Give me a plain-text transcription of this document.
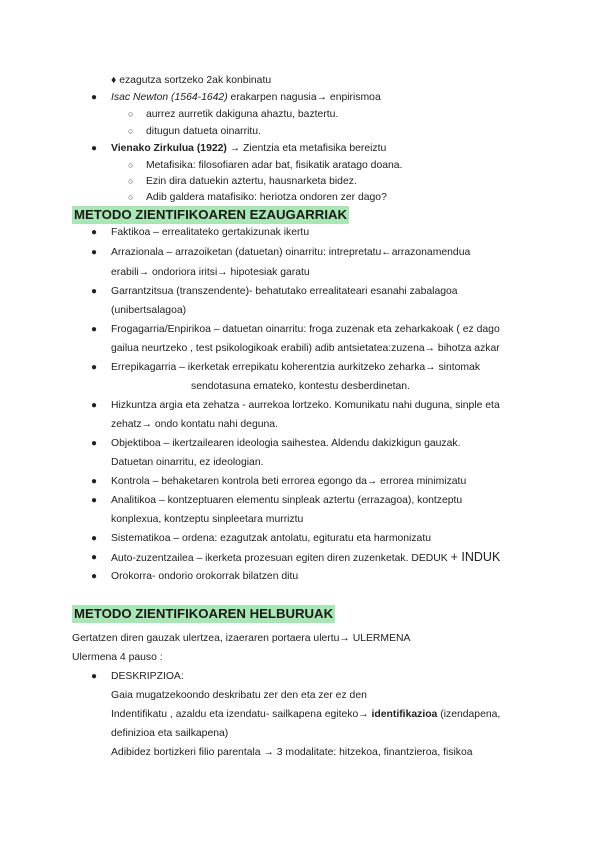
♦ ezagutza sortzeko 2ak konbinatu
● Isac Newton (1564-1642) erakarpen nagusia→ enpirismoa
○ aurrez aurretik dakiguna ahaztu, baztertu.
○ ditugun datueta oinarritu.
● Vienako Zirkulua (1922) → Zientzia eta metafisika bereiztu
○ Metafisika: filosofiaren adar bat, fisikatik aratago doana.
○ Ezin dira datuekin aztertu, hausnarketa bidez.
○ Adib galdera matafisiko: heriotza ondoren zer dago?
METODO ZIENTIFIKOAREN EZAUGARRIAK
● Faktikoa – errealitateko gertakizunak ikertu
● Arrazionala – arrazoiketan (datuetan) oinarritu: intrepretatu←arrazonamendua
erabili→ ondoriora iritsi→ hipotesiak garatu
● Garrantzitsua (transzendente)- behatutako errealitateari esanahi zabalagoa
(unibertsalagoa)
● Frogagarria/Enpirikoa – datuetan oinarritu: froga zuzenak eta zeharkakoak ( ez dago
gailua neurtzeko , test psikologikoak erabili) adib antsietatea:zuzena→ bihotza azkar
● Errepikagarria – ikerketak errepikatu koherentzia aurkitzeko zeharka→ sintomak
sendotasuna emateko, kontestu desberdinetan.
● Hizkuntza argia eta zehatza - aurrekoa lortzeko. Komunikatu nahi duguna, sinple eta
zehatz→ ondo kontatu nahi deguna.
● Objektiboa – ikertzailearen ideologia saihestea. Aldendu dakizkigun gauzak.
Datuetan oinarritu, ez ideologian.
● Kontrola – behaketaren kontrola beti errorea egongo da→ errorea minimizatu
● Analitikoa – kontzeptuaren elementu sinpleak aztertu (errazagoa), kontzeptu
konplexua, kontzeptu sinpleetara murriztu
● Sistematikoa – ordena: ezagutzak antolatu, egituratu eta harmonizatu
● Auto-zuzentzailea – ikerketa prozesuan egiten diren zuzenketak. DEDUK + INDUK
● Orokorra- ondorio orokorrak bilatzen ditu
METODO ZIENTIFIKOAREN HELBURUAK
Gertatzen diren gauzak ulertzea, izaeraren portaera ulertu→ ULERMENA
Ulermena 4 pauso :
● DESKRIPZIOA:
Gaia mugatzekoondo deskribatu zer den eta zer ez den
Indentifikatu , azaldu eta izendatu- sailkapena egiteko→ identifikazioa (izendapena,
definizioa eta sailkapena)
Adibidez bortizkeri filio parentala → 3 modalitate: hitzekoa, finantzieroa, fisikoa
